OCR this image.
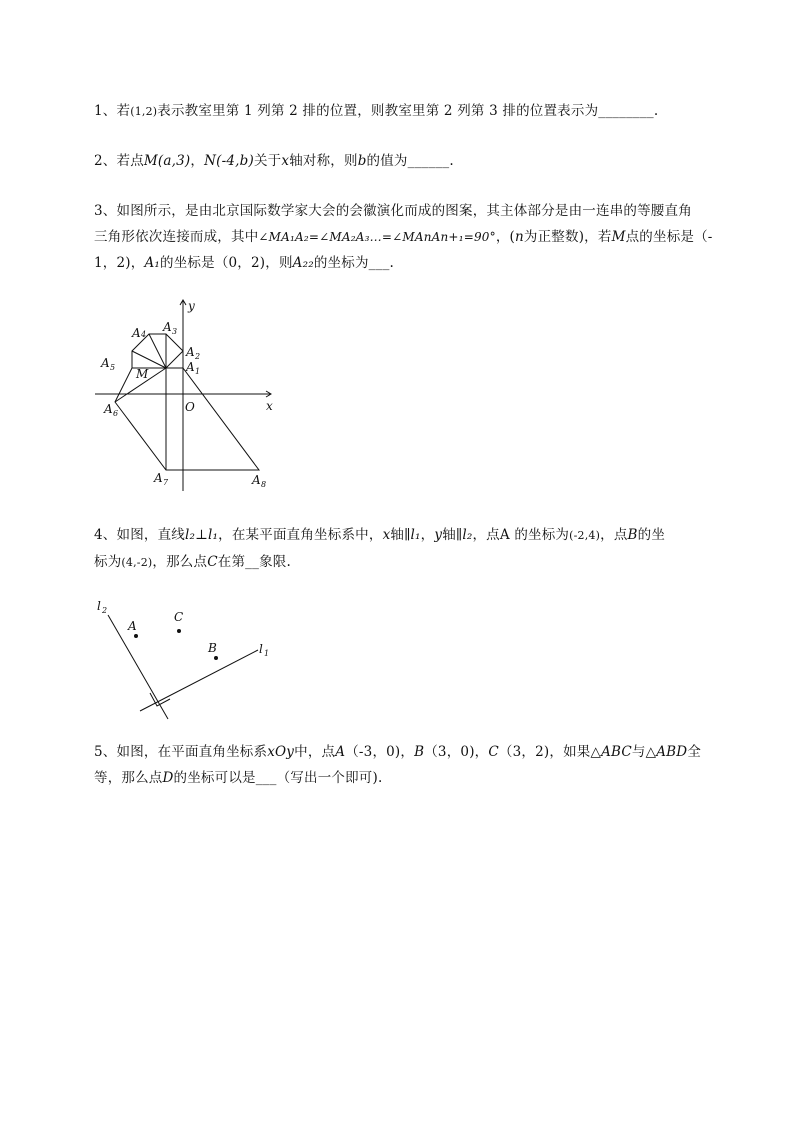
1、若(1,2)表示教室里第 1 列第 2 排的位置，则教室里第 2 列第 3 排的位置表示为________.
2、若点M(a,3)，N(-4,b)关于x轴对称，则b的值为______.
3、如图所示，是由北京国际数学家大会的会徽演化而成的图案，其主体部分是由一连串的等腰直角
三角形依次连接而成，其中∠MA₁A₂=∠MA₂A₃…=∠MAnAn+₁=90°，(n为正整数)，若M点的坐标是（-
1，2)，A₁的坐标是（0，2)，则A₂₂的坐标为___.
y
x
O
M	A 1
A 2
A 3
A 4
A 5
A 6
A 7	A 8
4、如图，直线l₂⊥l₁，在某平面直角坐标系中，x轴∥l₁，y轴∥l₂，点A 的坐标为(-2,4)，点B的坐
标为(4,-2)，那么点C在第__象限.
l 2
l 1
A
C
B
5、如图，在平面直角坐标系xOy中，点A（-3，0)，B（3，0)，C（3，2)，如果△ABC与△ABD全
等，那么点D的坐标可以是___（写出一个即可).
